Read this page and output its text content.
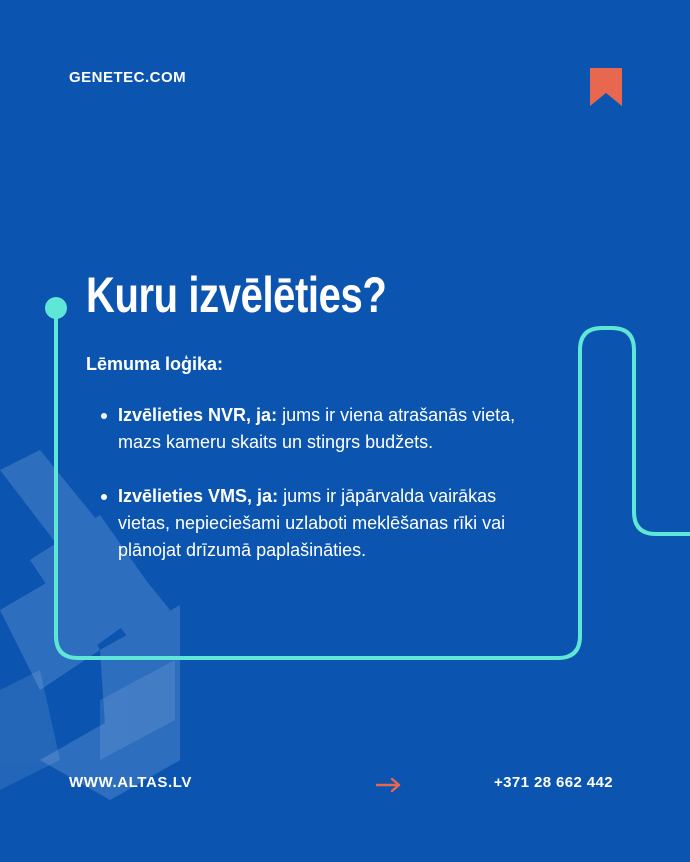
GENETEC.COM
Kuru izvēlēties?
Lēmuma loģika:
Izvēlieties NVR, ja: jums ir viena atrašanās vieta, mazs kameru skaits un stingrs budžets.
Izvēlieties VMS, ja: jums ir jāpārvalda vairākas vietas, nepieciešami uzlaboti meklēšanas rīki vai plānojat drīzumā paplašināties.
WWW.ALTAS.LV	+371 28 662 442
